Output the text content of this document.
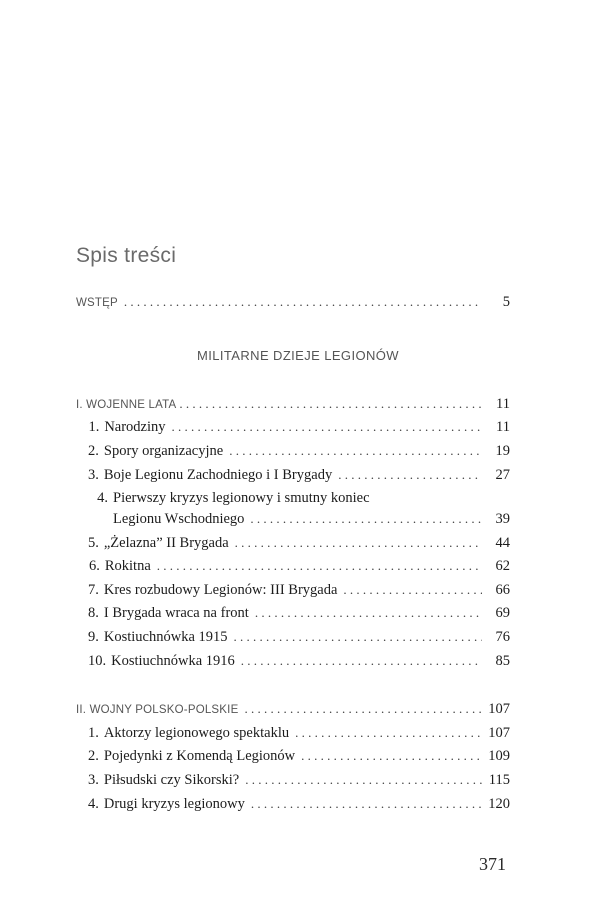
Spis treści
WSTĘP . . .	5
MILITARNE DZIEJE LEGIONÓW
I. WOJENNE LATA . . .	11
1. Narodziny . . .	11
2. Spory organizacyjne . . .	19
3. Boje Legionu Zachodniego i I Brygady . . .	27
4. Pierwszy kryzys legionowy i smutny koniec
Legionu Wschodniego . . .	39
5. „Żelazna” II Brygada . . .	44
6. Rokitna . . .	62
7. Kres rozbudowy Legionów: III Brygada . . .	66
8. I Brygada wraca na front . . .	69
9. Kostiuchnówka 1915 . . .	76
10. Kostiuchnówka 1916 . . .	85
II. WOJNY POLSKO-POLSKIE . . .	107
1. Aktorzy legionowego spektaklu . . .	107
2. Pojedynki z Komendą Legionów . . .	109
3. Piłsudski czy Sikorski? . . .	115
4. Drugi kryzys legionowy . . .	120
371
